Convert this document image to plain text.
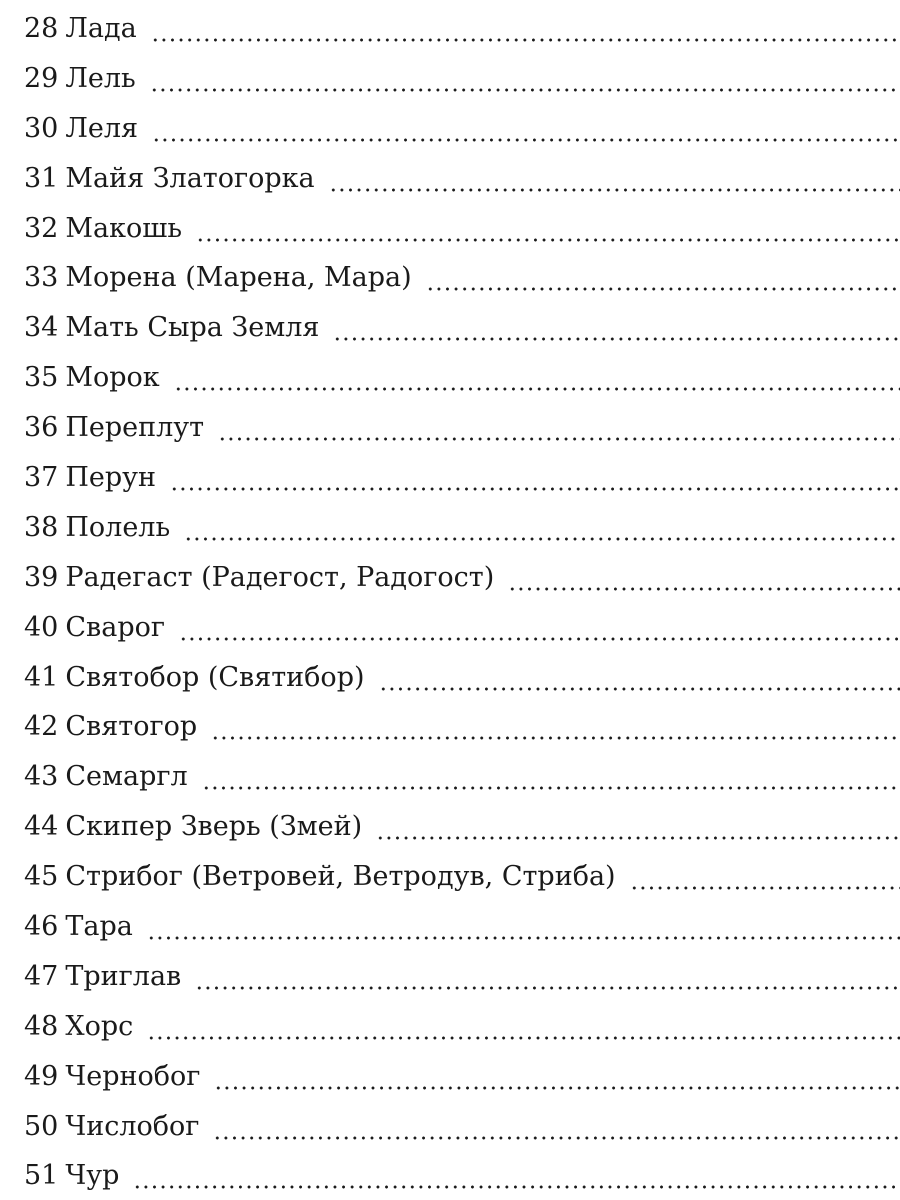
28 Лада
29 Лель
30 Леля
31 Майя Златогорка
32 Макошь
33 Морена (Марена, Мара)
34 Мать Сыра Земля
35 Морок
36 Переплут
37 Перун
38 Полель
39 Радегаст (Радегост, Радогост)
40 Сварог
41 Святобор (Святибор)
42 Святогор
43 Семаргл
44 Скипер Зверь (Змей)
45 Стрибог (Ветровей, Ветродув, Стриба)
46 Тара
47 Триглав
48 Хорс
49 Чернобог
50 Числобог
51 Чур
